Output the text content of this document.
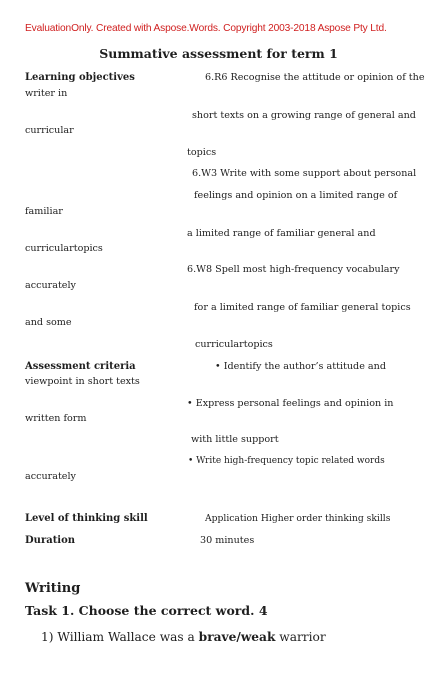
EvaluationOnly. Created with Aspose.Words. Copyright 2003-2018 Aspose Pty Ltd.
Summative assessment for term 1
Learning objectives	6.R6 Recognise the attitude or opinion of the
writer in
short texts on a growing range of general and
curricular
topics
6.W3 Write with some support about personal
feelings and opinion on a limited range of
familiar
a limited range of familiar general and
curriculartopics
6.W8 Spell most high-frequency vocabulary
accurately
for a limited range of familiar general topics
and some
curriculartopics
Assessment criteria	• Identify the author’s attitude and
viewpoint in short texts
• Express personal feelings and opinion in
written form
with little support
• Write high-frequency topic related words
accurately
Level of thinking skill	Application Higher order thinking skills
Duration	30 minutes
Writing
Task 1. Choose the correct word. 4
1) William Wallace was a brave/weak warrior
